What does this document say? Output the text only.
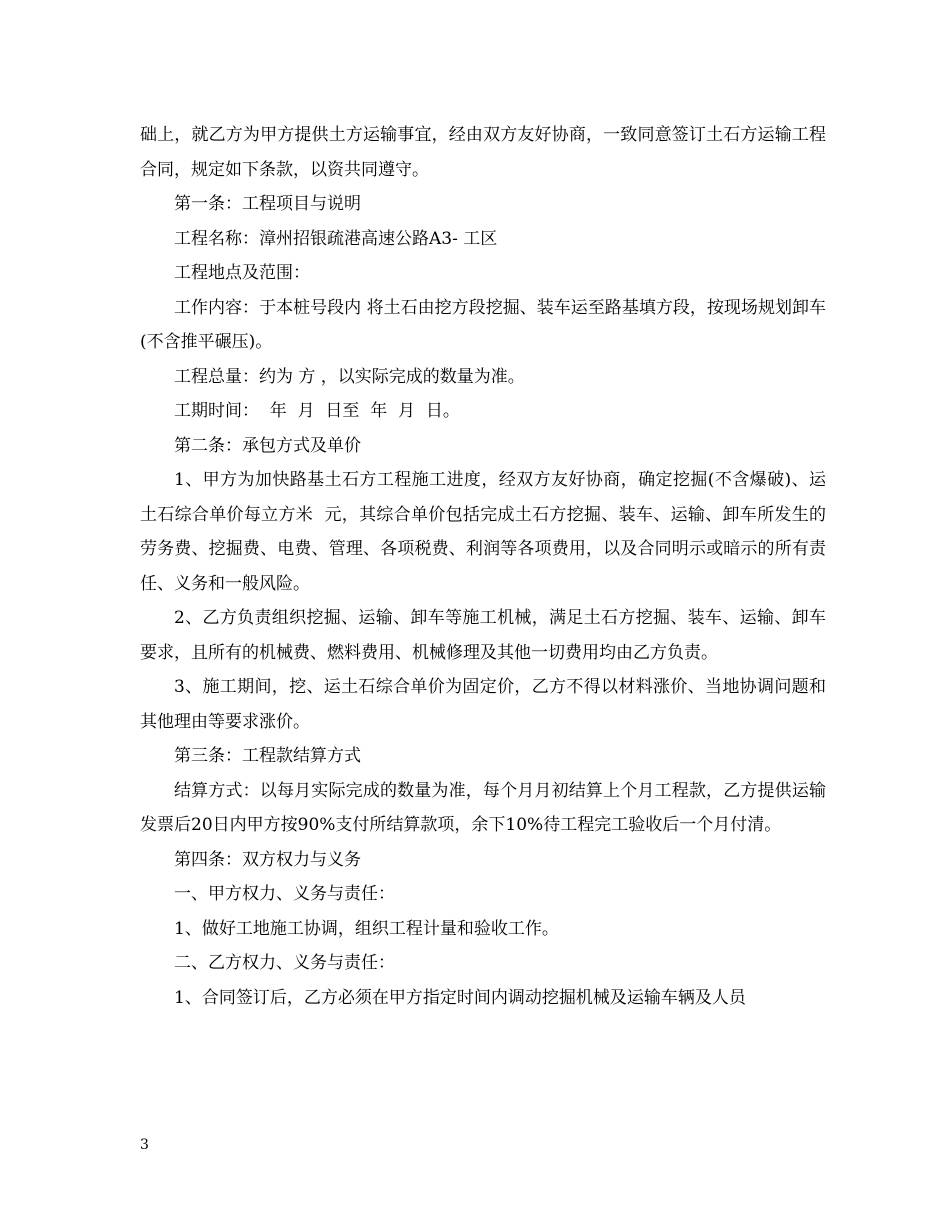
础上，就乙方为甲方提供土方运输事宜，经由双方友好协商，一致同意签订土石方运输工程合同，规定如下条款，以资共同遵守。

第一条：工程项目与说明

工程名称：漳州招银疏港高速公路A3- 工区

工程地点及范围：

工作内容：于本桩号段内 将土石由挖方段挖掘、装车运至路基填方段，按现场规划卸车(不含推平碾压)。

工程总量：约为 方 ，以实际完成的数量为准。

工期时间：  年  月  日至  年  月  日。

第二条：承包方式及单价

1、甲方为加快路基土石方工程施工进度，经双方友好协商，确定挖掘(不含爆破)、运土石综合单价每立方米  元，其综合单价包括完成土石方挖掘、装车、运输、卸车所发生的劳务费、挖掘费、电费、管理、各项税费、利润等各项费用，以及合同明示或暗示的所有责任、义务和一般风险。

2、乙方负责组织挖掘、运输、卸车等施工机械，满足土石方挖掘、装车、运输、卸车要求，且所有的机械费、燃料费用、机械修理及其他一切费用均由乙方负责。

3、施工期间，挖、运土石综合单价为固定价，乙方不得以材料涨价、当地协调问题和其他理由等要求涨价。

第三条：工程款结算方式

结算方式：以每月实际完成的数量为准，每个月月初结算上个月工程款，乙方提供运输发票后20日内甲方按90%支付所结算款项，余下10%待工程完工验收后一个月付清。

第四条：双方权力与义务

一、甲方权力、义务与责任：

1、做好工地施工协调，组织工程计量和验收工作。

二、乙方权力、义务与责任：

1、合同签订后，乙方必须在甲方指定时间内调动挖掘机械及运输车辆及人员

3
